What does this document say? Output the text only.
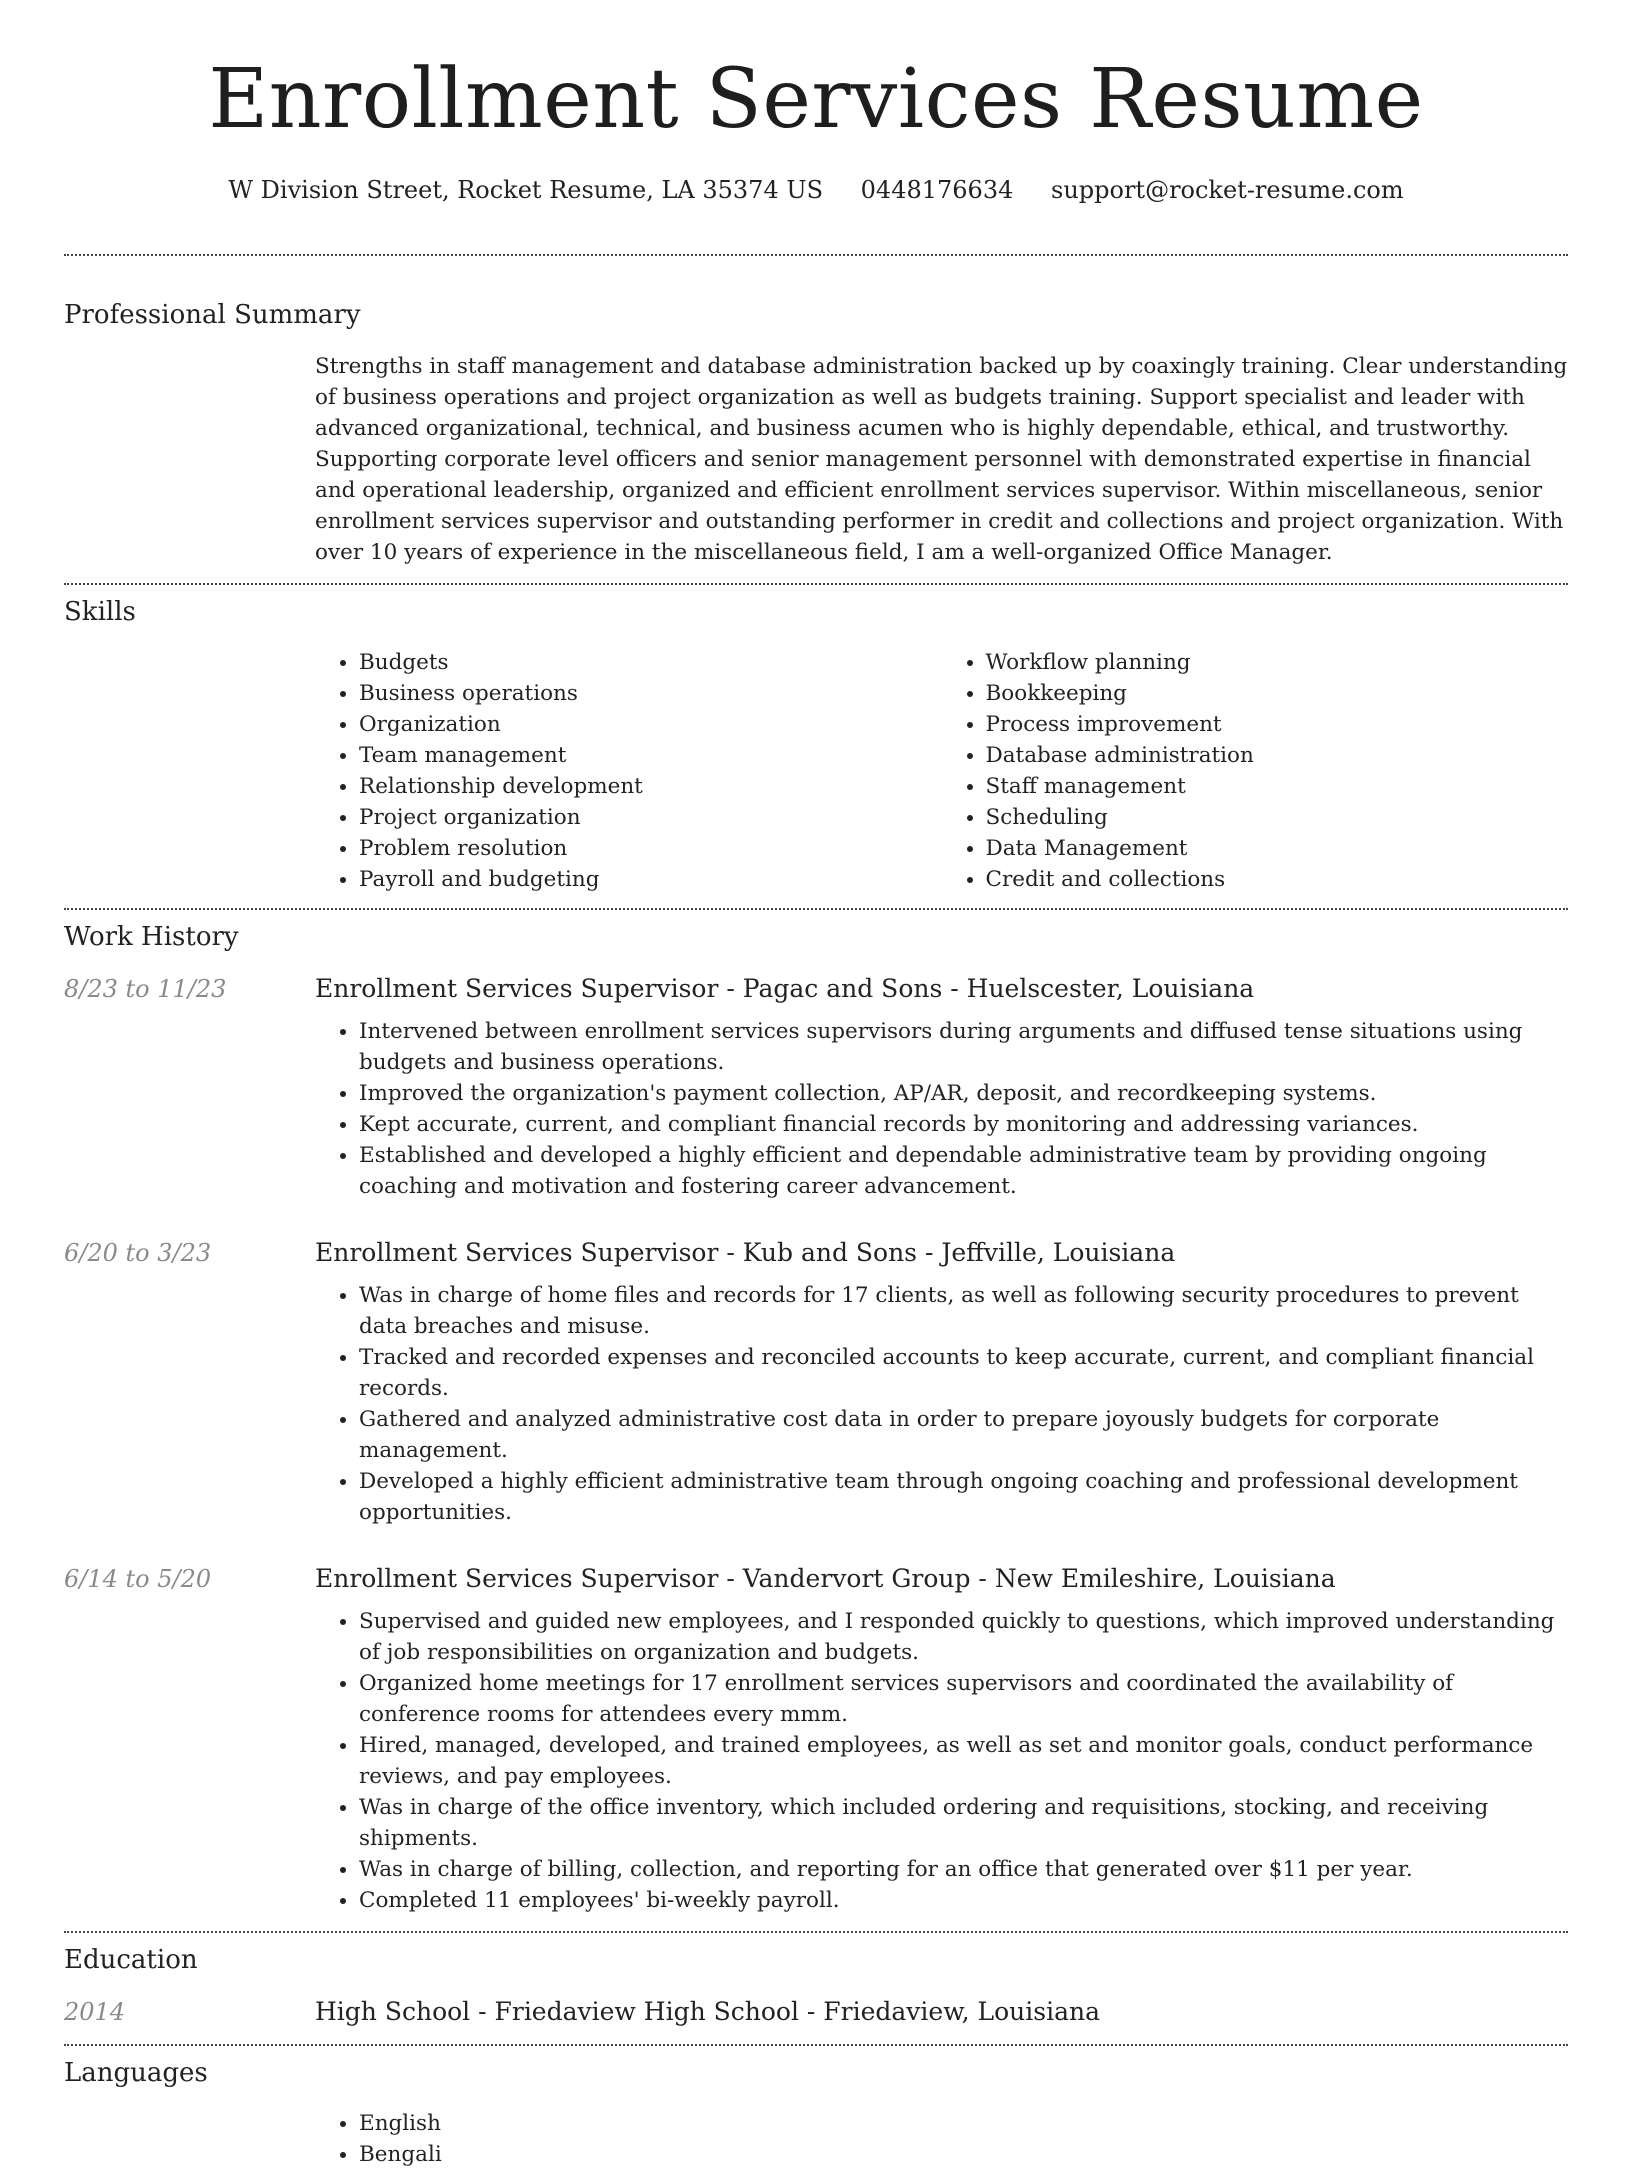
Enrollment Services Resume
W Division Street, Rocket Resume, LA 35374 US 0448176634 support@rocket-resume.com
Professional Summary

Strengths in staff management and database administration backed up by coaxingly training. Clear understanding of business operations and project organization as well as budgets training. Support specialist and leader with advanced organizational, technical, and business acumen who is highly dependable, ethical, and trustworthy. Supporting corporate level officers and senior management personnel with demonstrated expertise in financial and operational leadership, organized and efficient enrollment services supervisor. Within miscellaneous, senior enrollment services supervisor and outstanding performer in credit and collections and project organization. With over 10 years of experience in the miscellaneous field, I am a well-organized Office Manager.

Skills
• Budgets
• Business operations
• Organization
• Team management
• Relationship development
• Project organization
• Problem resolution
• Payroll and budgeting
• Workflow planning
• Bookkeeping
• Process improvement
• Database administration
• Staff management
• Scheduling
• Data Management
• Credit and collections
Work History
8/23 to 11/23	Enrollment Services Supervisor - Pagac and Sons - Huelscester, Louisiana
• Intervened between enrollment services supervisors during arguments and diffused tense situations using budgets and business operations.
• Improved the organization's payment collection, AP/AR, deposit, and recordkeeping systems.
• Kept accurate, current, and compliant financial records by monitoring and addressing variances.
• Established and developed a highly efficient and dependable administrative team by providing ongoing coaching and motivation and fostering career advancement.
6/20 to 3/23	Enrollment Services Supervisor - Kub and Sons - Jeffville, Louisiana
• Was in charge of home files and records for 17 clients, as well as following security procedures to prevent data breaches and misuse.
• Tracked and recorded expenses and reconciled accounts to keep accurate, current, and compliant financial records.
• Gathered and analyzed administrative cost data in order to prepare joyously budgets for corporate management.
• Developed a highly efficient administrative team through ongoing coaching and professional development opportunities.
6/14 to 5/20	Enrollment Services Supervisor - Vandervort Group - New Emileshire, Louisiana
• Supervised and guided new employees, and I responded quickly to questions, which improved understanding of job responsibilities on organization and budgets.
• Organized home meetings for 17 enrollment services supervisors and coordinated the availability of conference rooms for attendees every mmm.
• Hired, managed, developed, and trained employees, as well as set and monitor goals, conduct performance reviews, and pay employees.
• Was in charge of the office inventory, which included ordering and requisitions, stocking, and receiving shipments.
• Was in charge of billing, collection, and reporting for an office that generated over $11 per year.
• Completed 11 employees' bi-weekly payroll.
Education
2014	High School - Friedaview High School - Friedaview, Louisiana
Languages
• English
• Bengali
